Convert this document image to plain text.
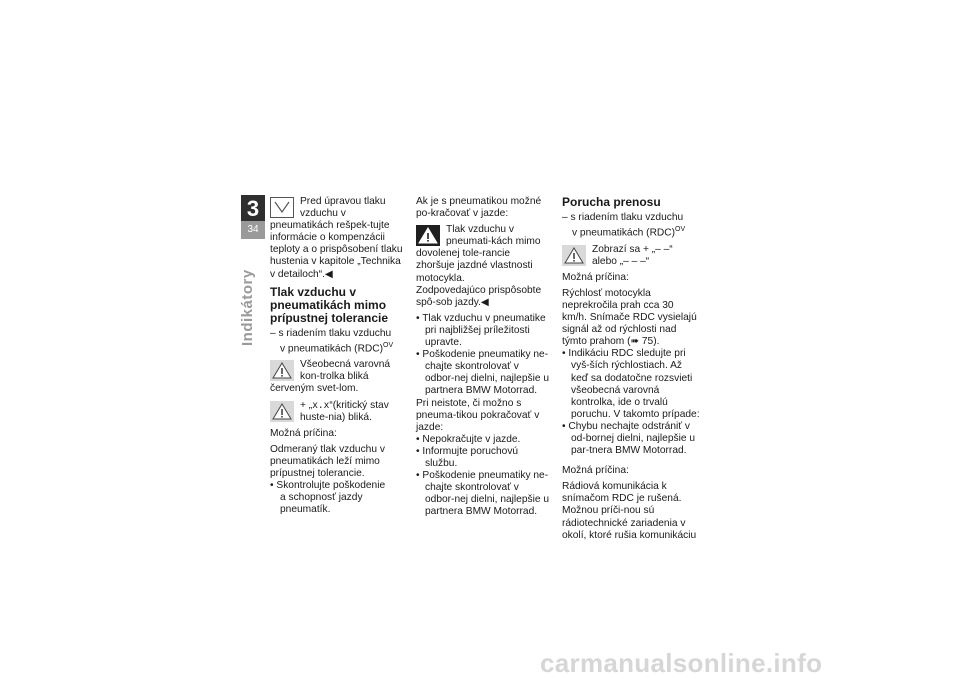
3
34
Indikátory

Pred úpravou tlaku vzduchu v pneumatikách rešpek-tujte informácie o kompenzácii teploty a o prispôsobení tlaku hustenia v kapitole „Technika v detailoch“.◀

Tlak vzduchu v pneumatikách mimo prípustnej tolerancie

– s riadením tlaku vzduchu

v pneumatikách (RDC)$^{OV}$

Všeobecná varovná kon-trolka bliká červeným svet-lom.

+ „x.x“(kritický stav huste-nia) bliká.

Možná príčina:

Odmeraný tlak vzduchu v pneumatikách leží mimo prípustnej tolerancie.

• Skontrolujte poškodenie

a schopnosť jazdy pneumatík.

Ak je s pneumatikou možné po-kračovať v jazde:

Tlak vzduchu v pneumati-kách mimo dovolenej tole-rancie zhoršuje jazdné vlastnosti motocykla.

Zodpovedajúco prispôsobte spô-sob jazdy.◀

• Tlak vzduchu v pneumatike pri najbližšej príležitosti upravte.

• Poškodenie pneumatiky ne-chajte skontrolovať v odbor-nej dielni, najlepšie u partnera BMW Motorrad.

Pri neistote, či možno s pneuma-tikou pokračovať v jazde:

• Nepokračujte v jazde.

• Informujte poruchovú službu.

• Poškodenie pneumatiky ne-chajte skontrolovať v odbor-nej dielni, najlepšie u partnera BMW Motorrad.

Porucha prenosu

– s riadením tlaku vzduchu

v pneumatikách (RDC)$^{OV}$

Zobrazí sa + „– –“ alebo „– – –“

Možná príčina:

Rýchlosť motocykla neprekročila prah cca 30 km/h. Snímače RDC vysielajú signál až od rýchlosti nad týmto prahom (➠ 75).

• Indikáciu RDC sledujte pri vyš-ších rýchlostiach. Až keď sa dodatočne rozsvieti všeobecná varovná kontrolka, ide o trvalú poruchu. V takomto prípade:

• Chybu nechajte odstrániť v od-bornej dielni, najlepšie u par-tnera BMW Motorrad.

Možná príčina:

Rádiová komunikácia k snímačom RDC je rušená. Možnou príči-nou sú rádiotechnické zariadenia v okolí, ktoré rušia komunikáciu

carmanualsonline.info
